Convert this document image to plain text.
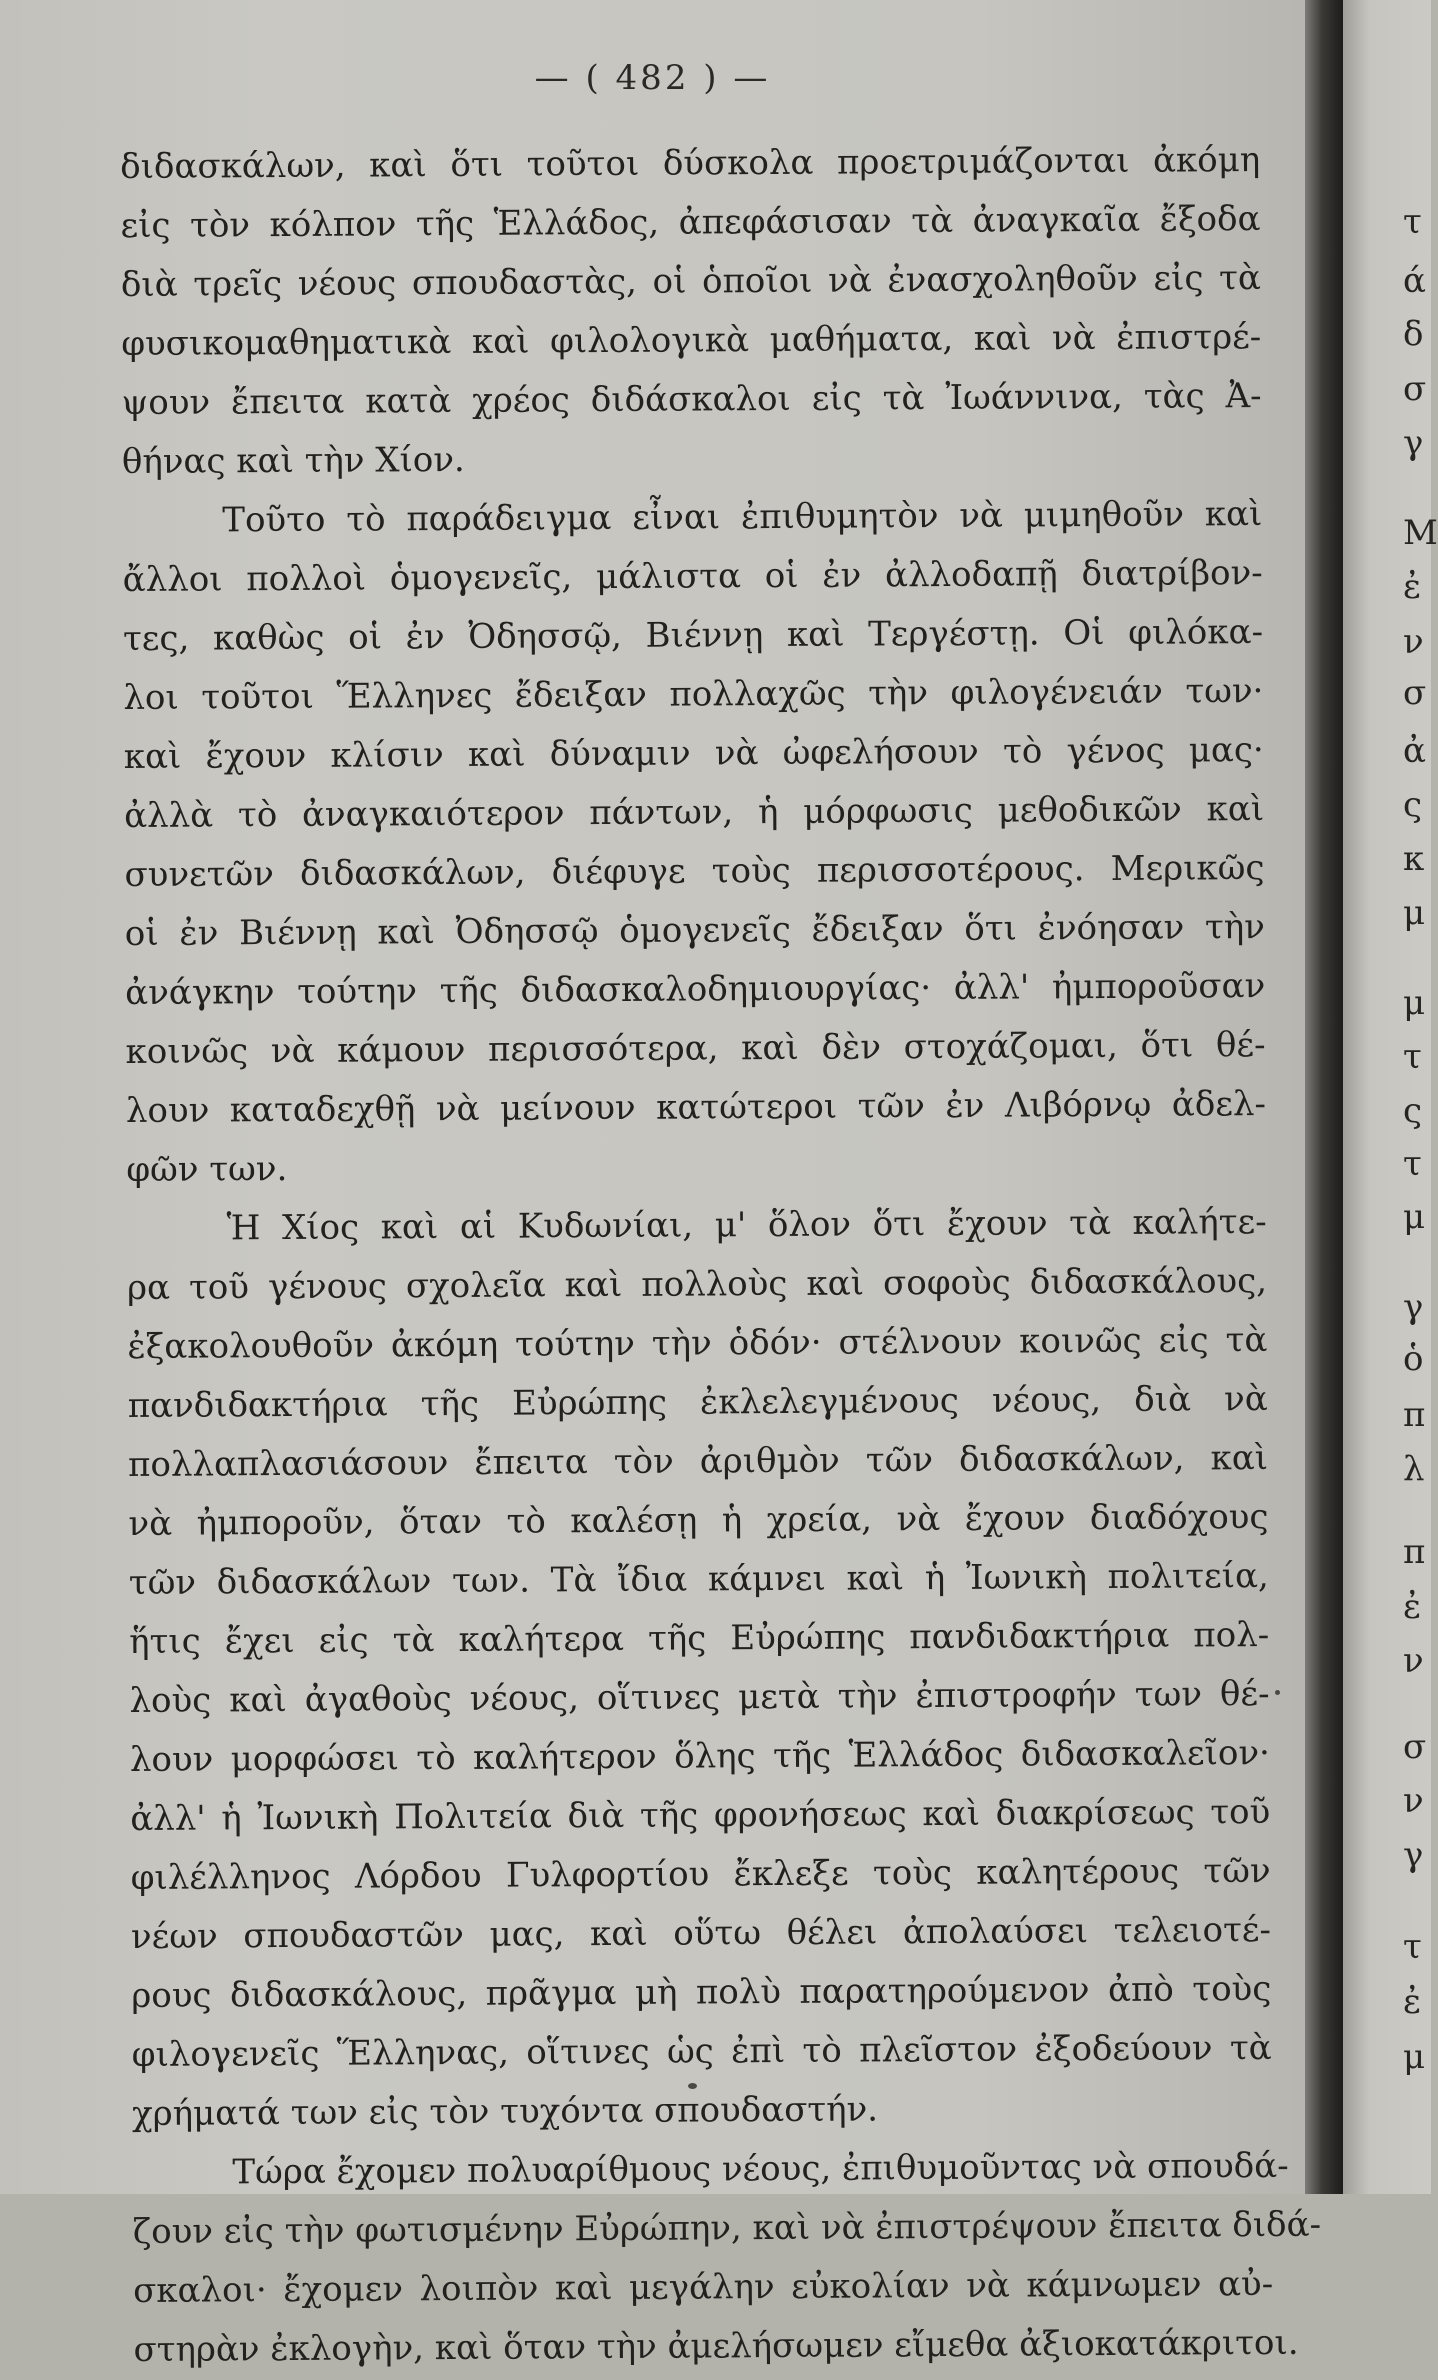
— ( 482 ) —
διδασκάλων, καὶ ὅτι τοῦτοι δύσκολα προετριμάζονται ἀκόμη
εἰς τὸν κόλπον τῆς Ἑλλάδος, ἀπεφάσισαν τὰ ἀναγκαῖα ἔξοδα
διὰ τρεῖς νέους σπουδαστὰς, οἱ ὁποῖοι νὰ ἐνασχοληθοῦν εἰς τὰ
φυσικομαθηματικὰ καὶ φιλολογικὰ μαθήματα, καὶ νὰ ἐπιστρέ-
ψουν ἔπειτα κατὰ χρέος διδάσκαλοι εἰς τὰ Ἰωάννινα, τὰς Ἀ-
θήνας καὶ τὴν Χίον.
Τοῦτο τὸ παράδειγμα εἶναι ἐπιθυμητὸν νὰ μιμηθοῦν καὶ
ἄλλοι πολλοὶ ὁμογενεῖς, μάλιστα οἱ ἐν ἀλλοδαπῇ διατρίβον-
τες, καθὼς οἱ ἐν Ὀδησσῷ, Βιέννῃ καὶ Τεργέστῃ. Οἱ φιλόκα-
λοι τοῦτοι Ἕλληνες ἔδειξαν πολλαχῶς τὴν φιλογένειάν των·
καὶ ἔχουν κλίσιν καὶ δύναμιν νὰ ὠφελήσουν τὸ γένος μας·
ἀλλὰ τὸ ἀναγκαιότερον πάντων, ἡ μόρφωσις μεθοδικῶν καὶ
συνετῶν διδασκάλων, διέφυγε τοὺς περισσοτέρους. Μερικῶς
οἱ ἐν Βιέννῃ καὶ Ὀδησσῷ ὁμογενεῖς ἔδειξαν ὅτι ἐνόησαν τὴν
ἀνάγκην τούτην τῆς διδασκαλοδημιουργίας· ἀλλ' ἠμποροῦσαν
κοινῶς νὰ κάμουν περισσότερα, καὶ δὲν στοχάζομαι, ὅτι θέ-
λουν καταδεχθῇ νὰ μείνουν κατώτεροι τῶν ἐν Λιβόρνῳ ἀδελ-
φῶν των.
Ἡ Χίος καὶ αἱ Κυδωνίαι, μ' ὅλον ὅτι ἔχουν τὰ καλήτε-
ρα τοῦ γένους σχολεῖα καὶ πολλοὺς καὶ σοφοὺς διδασκάλους,
ἐξακολουθοῦν ἀκόμη τούτην τὴν ὁδόν· στέλνουν κοινῶς εἰς τὰ
πανδιδακτήρια τῆς Εὐρώπης ἐκλελεγμένους νέους, διὰ νὰ
πολλαπλασιάσουν ἔπειτα τὸν ἀριθμὸν τῶν διδασκάλων, καὶ
νὰ ἠμποροῦν, ὅταν τὸ καλέσῃ ἡ χρεία, νὰ ἔχουν διαδόχους
τῶν διδασκάλων των. Τὰ ἴδια κάμνει καὶ ἡ Ἰωνικὴ πολιτεία,
ἥτις ἔχει εἰς τὰ καλήτερα τῆς Εὐρώπης πανδιδακτήρια πολ-
λοὺς καὶ ἀγαθοὺς νέους, οἵτινες μετὰ τὴν ἐπιστροφήν των θέ-
λουν μορφώσει τὸ καλήτερον ὅλης τῆς Ἑλλάδος διδασκαλεῖον·
ἀλλ' ἡ Ἰωνικὴ Πολιτεία διὰ τῆς φρονήσεως καὶ διακρίσεως τοῦ
φιλέλληνος Λόρδου Γυλφορτίου ἔκλεξε τοὺς καλητέρους τῶν
νέων σπουδαστῶν μας, καὶ οὕτω θέλει ἀπολαύσει τελειοτέ-
ρους διδασκάλους, πρᾶγμα μὴ πολὺ παρατηρούμενον ἀπὸ τοὺς
φιλογενεῖς Ἕλληνας, οἵτινες ὡς ἐπὶ τὸ πλεῖστον ἐξοδεύουν τὰ
χρήματά των εἰς τὸν τυχόντα σπουδαστήν.
Τώρα ἔχομεν πολυαρίθμους νέους, ἐπιθυμοῦντας νὰ σπουδά-
ζουν εἰς τὴν φωτισμένην Εὐρώπην, καὶ νὰ ἐπιστρέψουν ἔπειτα διδά-
σκαλοι· ἔχομεν λοιπὸν καὶ μεγάλην εὐκολίαν νὰ κάμνωμεν αὐ-
στηρὰν ἐκλογὴν, καὶ ὅταν τὴν ἀμελήσωμεν εἴμεθα ἀξιοκατάκριτοι.
τ
ά
δ
σ
γ
Μ
ἐ
ν
σ
ἀ
ς
κ
μ
μ
τ
ς
τ
μ
γ
ὁ
π
λ
π
ἐ
ν
σ
ν
γ
τ
ἐ
μ
